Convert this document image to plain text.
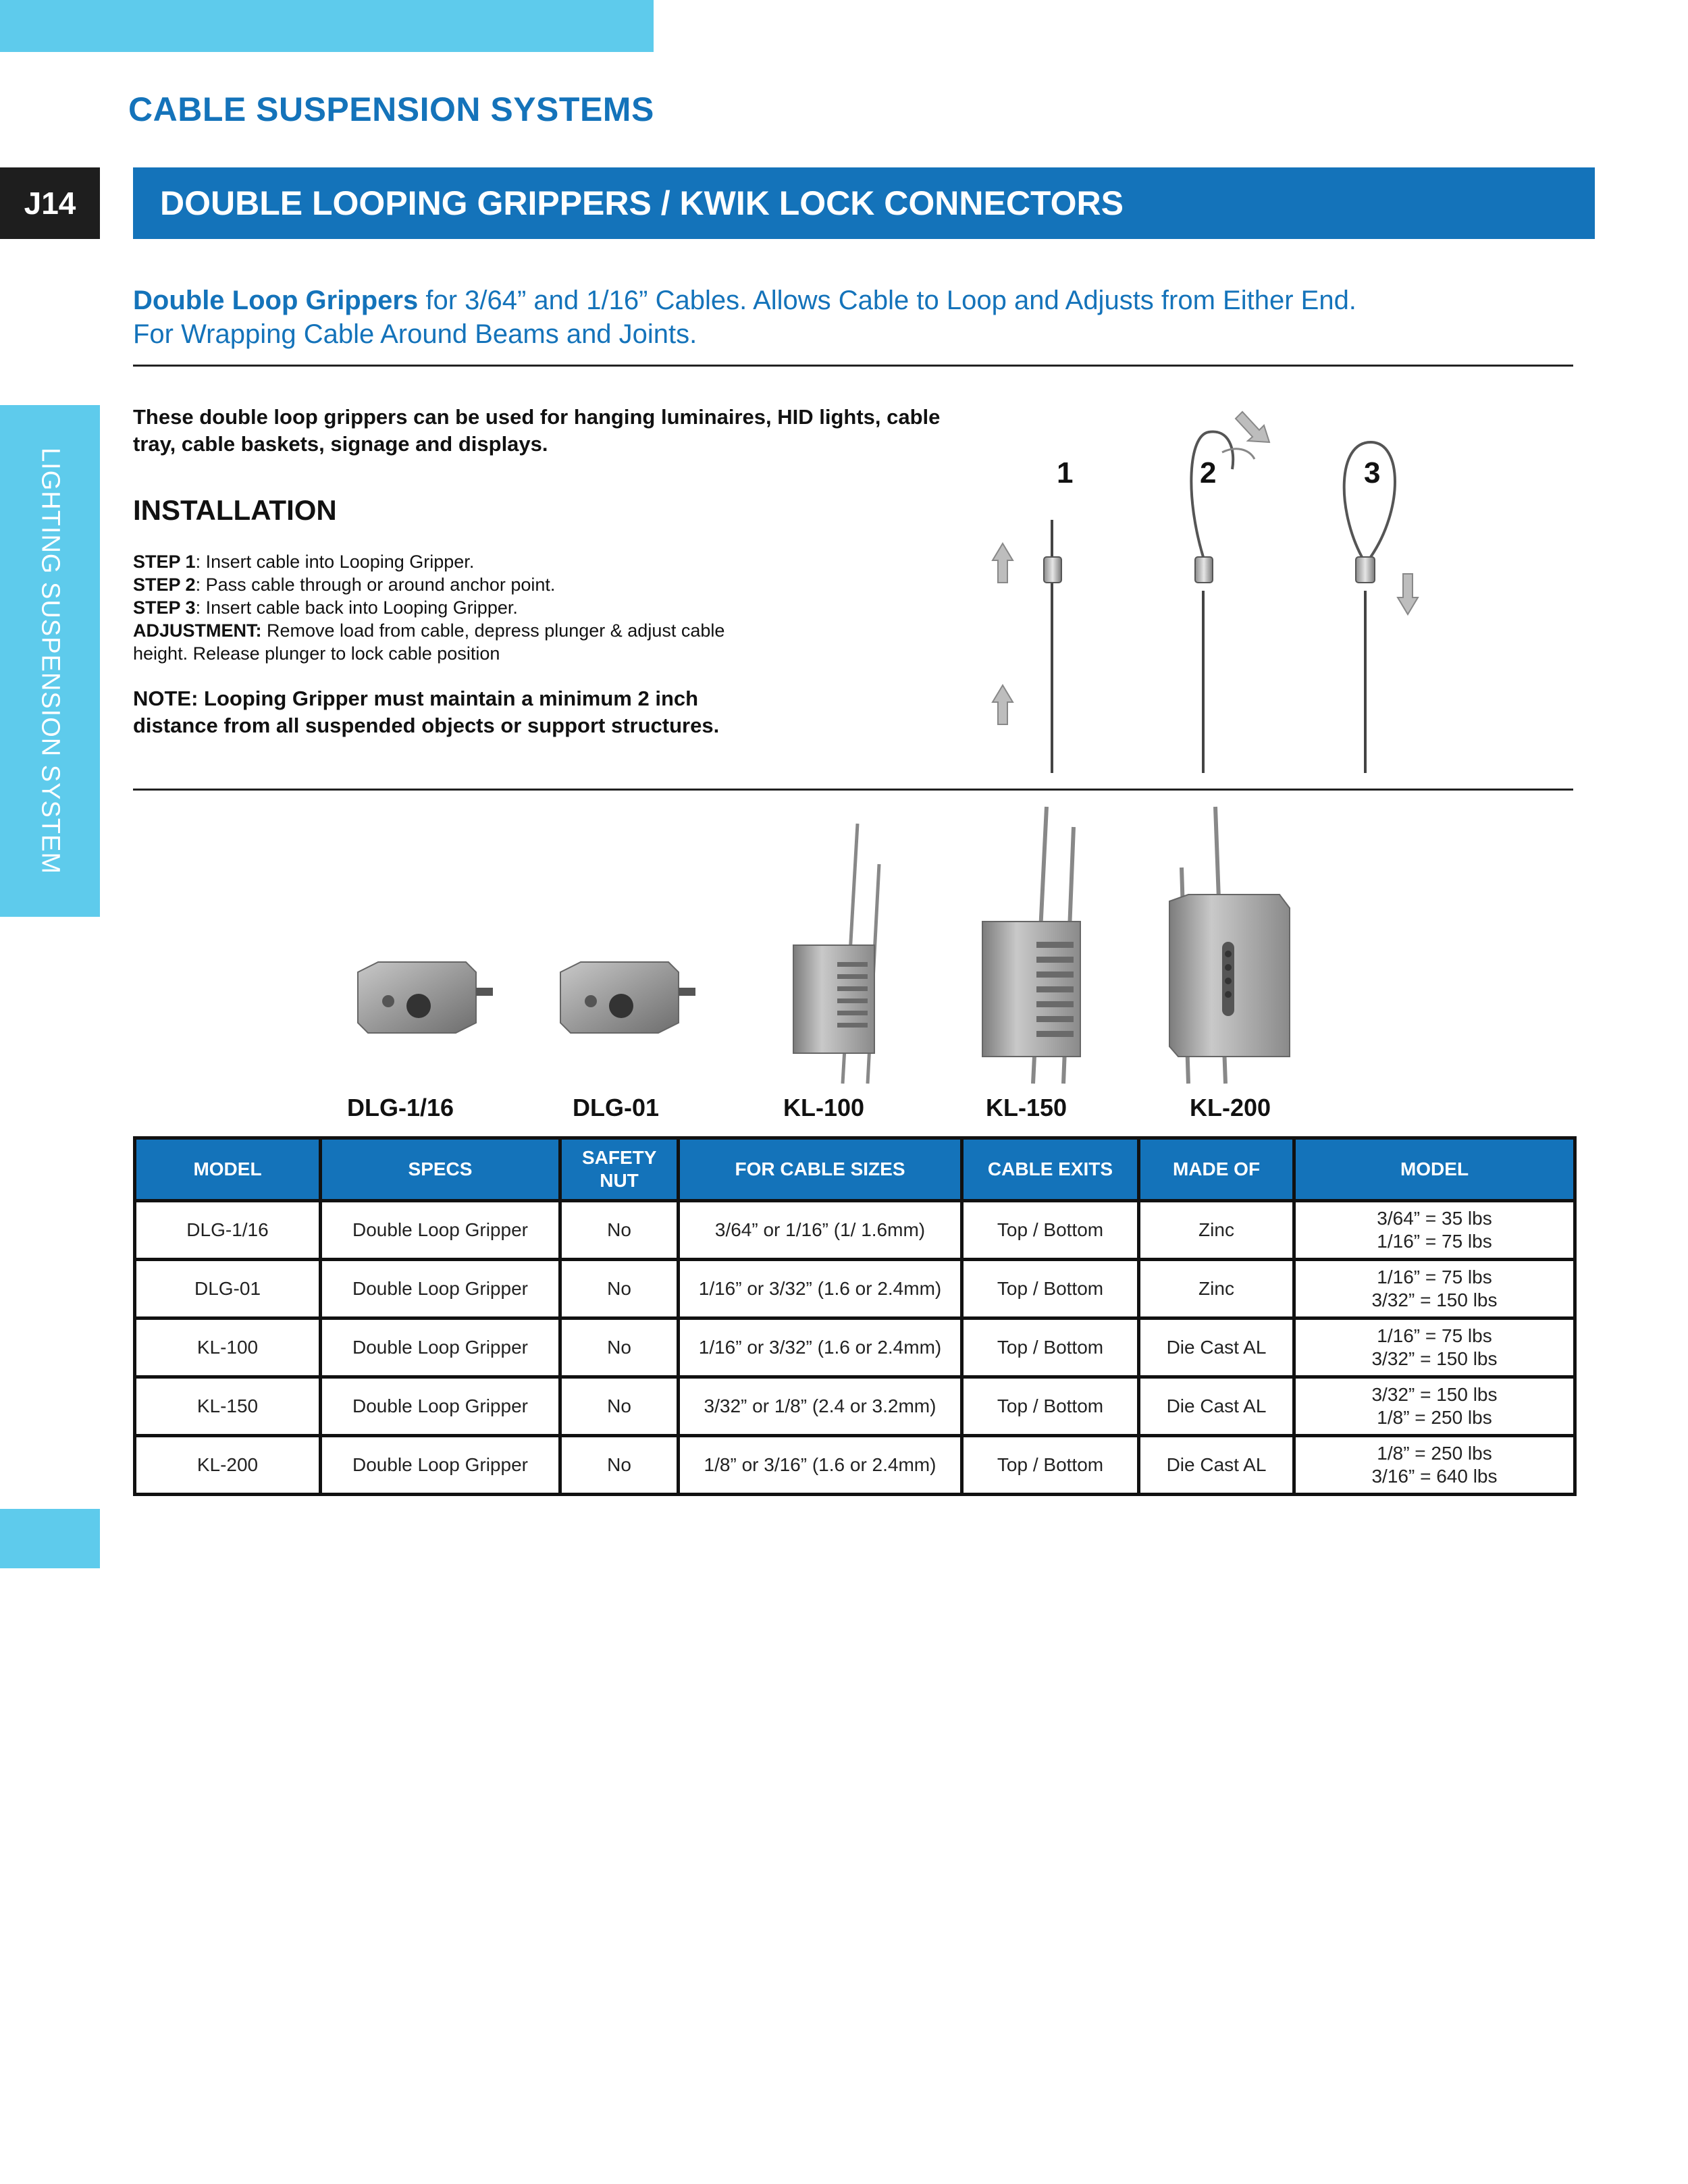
CABLE SUSPENSION SYSTEMS
J14	DOUBLE LOOPING GRIPPERS / KWIK LOCK CONNECTORS
LIGHTING SUSPENSION SYSTEM
Double Loop Grippers for 3/64” and 1/16” Cables. Allows Cable to Loop and Adjusts from Either End.
For Wrapping Cable Around Beams and Joints.
These double loop grippers can be used for hanging luminaires, HID lights, cable tray, cable baskets, signage and displays.
INSTALLATION
STEP 1: Insert cable into Looping Gripper.
STEP 2: Pass cable through or around anchor point.
STEP 3: Insert cable back into Looping Gripper.
ADJUSTMENT: Remove load from cable, depress plunger & adjust cable height. Release plunger to lock cable position
NOTE: Looping Gripper must maintain a minimum 2 inch distance from all suspended objects or support structures.
1	2	3
DLG-1/16	DLG-01	KL-100	KL-150	KL-200
MODEL	SPECS	SAFETY NUT	FOR CABLE SIZES	CABLE EXITS	MADE OF	MODEL
DLG-1/16	Double Loop Gripper	No	3/64” or 1/16” (1/ 1.6mm)	Top / Bottom	Zinc	3/64” = 35 lbs
1/16” = 75 lbs

DLG-01	Double Loop Gripper	No	1/16” or 3/32” (1.6 or 2.4mm)	Top / Bottom	Zinc	1/16” = 75 lbs
3/32” = 150 lbs

KL-100	Double Loop Gripper	No	1/16” or 3/32” (1.6 or 2.4mm)	Top / Bottom	Die Cast AL	1/16” = 75 lbs
3/32” = 150 lbs

KL-150	Double Loop Gripper	No	3/32” or 1/8” (2.4 or 3.2mm)	Top / Bottom	Die Cast AL	3/32” = 150 lbs
1/8” = 250 lbs

KL-200	Double Loop Gripper	No	1/8” or 3/16” (1.6 or 2.4mm)	Top / Bottom	Die Cast AL	1/8” = 250 lbs
3/16” = 640 lbs
